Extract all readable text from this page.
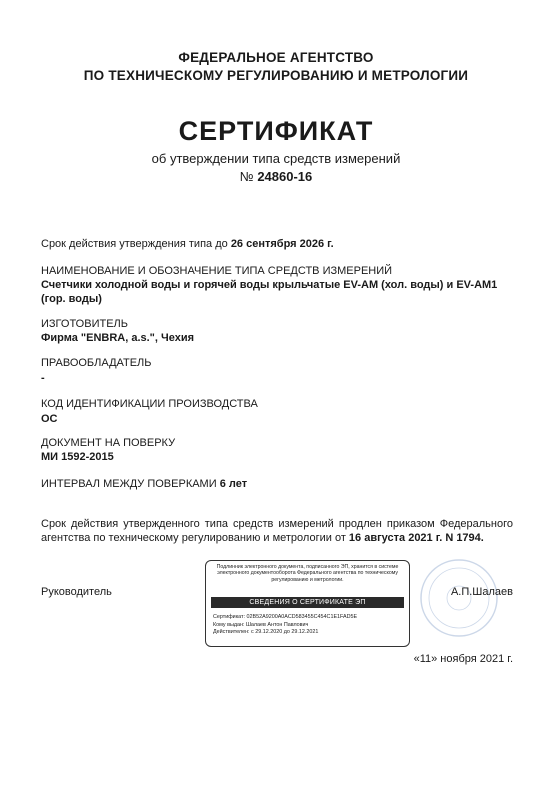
ФЕДЕРАЛЬНОЕ АГЕНТСТВО
ПО ТЕХНИЧЕСКОМУ РЕГУЛИРОВАНИЮ И МЕТРОЛОГИИ
СЕРТИФИКАТ
об утверждении типа средств измерений
№ 24860-16
Срок действия утверждения типа до 26 сентября 2026 г.
НАИМЕНОВАНИЕ И ОБОЗНАЧЕНИЕ ТИПА СРЕДСТВ ИЗМЕРЕНИЙ
Счетчики холодной воды и горячей воды крыльчатые EV-AM (хол. воды) и EV-AM1 (гор. воды)
ИЗГОТОВИТЕЛЬ
Фирма "ENBRA, a.s.", Чехия
ПРАВООБЛАДАТЕЛЬ
-
КОД ИДЕНТИФИКАЦИИ ПРОИЗВОДСТВА
ОС
ДОКУМЕНТ НА ПОВЕРКУ
МИ 1592-2015
ИНТЕРВАЛ МЕЖДУ ПОВЕРКАМИ 6 лет
Срок действия утвержденного типа средств измерений продлен приказом Федерального агентства по техническому регулированию и метрологии от 16 августа 2021 г. N 1794.
Руководитель	А.П.Шалаев
Подлинник электронного документа, подписанного ЭП, хранится в системе электронного документооборота Федерального агентства по техническому регулированию и метрологии.
СВЕДЕНИЯ О СЕРТИФИКАТЕ ЭП
Сертификат: 02B52A9200A0ACD583455C454C1E1FAD5E
Кому выдан: Шалаев Антон Павлович
Действителен: с 29.12.2020 до 29.12.2021
«11» ноября 2021 г.
